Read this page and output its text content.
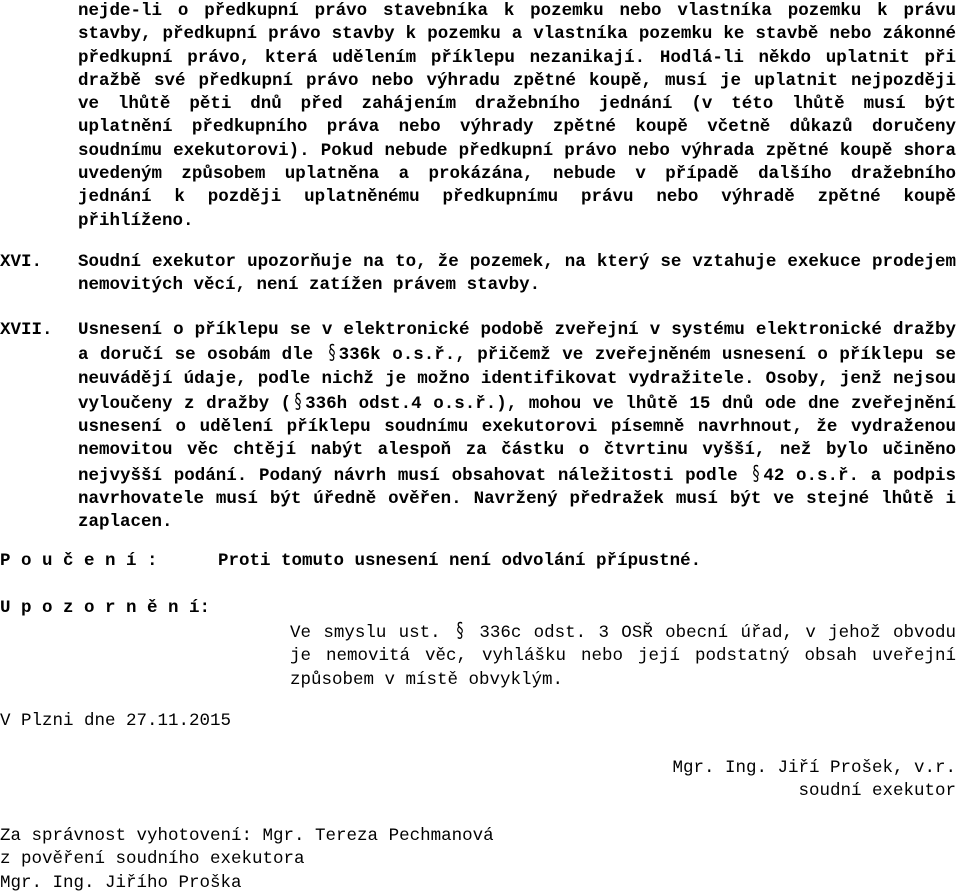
nejde-li o předkupní právo stavebníka k pozemku nebo vlastníka pozemku k právu stavby, předkupní právo stavby k pozemku a vlastníka pozemku ke stavbě nebo zákonné předkupní právo, která udělením příklepu nezanikají. Hodlá-li někdo uplatnit při dražbě své předkupní právo nebo výhradu zpětné koupě, musí je uplatnit nejpozději ve lhůtě pěti dnů před zahájením dražebního jednání (v této lhůtě musí být uplatnění předkupního práva nebo výhrady zpětné koupě včetně důkazů doručeny soudnímu exekutorovi). Pokud nebude předkupní právo nebo výhrada zpětné koupě shora uvedeným způsobem uplatněna a prokázána, nebude v případě dalšího dražebního jednání k později uplatněnému předkupnímu právu nebo výhradě zpětné koupě přihlíženo.
XVI. Soudní exekutor upozorňuje na to, že pozemek, na který se vztahuje exekuce prodejem nemovitých věcí, není zatížen právem stavby.
XVII. Usnesení o příklepu se v elektronické podobě zveřejní v systému elektronické dražby a doručí se osobám dle § 336k o.s.ř., přičemž ve zveřejněném usnesení o příklepu se neuvádějí údaje, podle nichž je možno identifikovat vydražitele. Osoby, jenž nejsou vyloučeny z dražby ( § 336h odst.4 o.s.ř.), mohou ve lhůtě 15 dnů ode dne zveřejnění usnesení o udělení příklepu soudnímu exekutorovi písemně navrhnout, že vydraženou nemovitou věc chtějí nabýt alespoň za částku o čtvrtinu vyšší, než bylo učiněno nejvyšší podání. Podaný návrh musí obsahovat náležitosti podle § 42 o.s.ř. a podpis navrhovatele musí být úředně ověřen. Navržený předražek musí být ve stejné lhůtě i zaplacen.
P o u č e n í :	Proti tomuto usnesení není odvolání přípustné.
U p o z o r n ě n í:
Ve smyslu ust. § 336c odst. 3 OSŘ obecní úřad, v jehož obvodu je nemovitá věc, vyhlášku nebo její podstatný obsah uveřejní způsobem v místě obvyklým.
V Plzni dne 27.11.2015
Mgr. Ing. Jiří Prošek, v.r.
soudní exekutor
Za správnost vyhotovení: Mgr. Tereza Pechmanová
z pověření soudního exekutora
Mgr. Ing. Jiřího Proška
